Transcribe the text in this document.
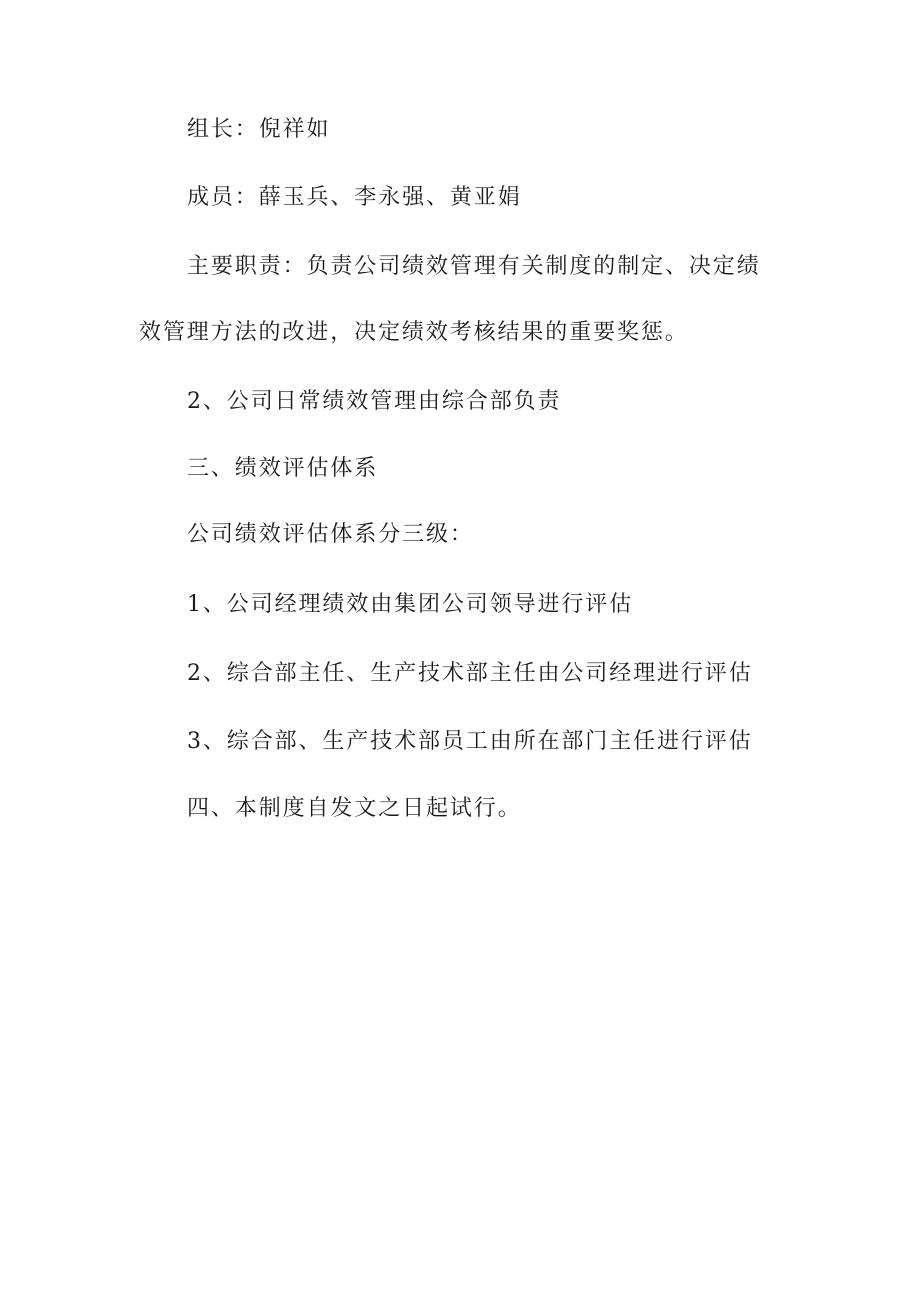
组长：倪祥如

成员：薛玉兵、李永强、黄亚娟

主要职责：负责公司绩效管理有关制度的制定、决定绩

效管理方法的改进，决定绩效考核结果的重要奖惩。

2、公司日常绩效管理由综合部负责

三、绩效评估体系

公司绩效评估体系分三级：

1、公司经理绩效由集团公司领导进行评估

2、综合部主任、生产技术部主任由公司经理进行评估

3、综合部、生产技术部员工由所在部门主任进行评估

四、本制度自发文之日起试行。
